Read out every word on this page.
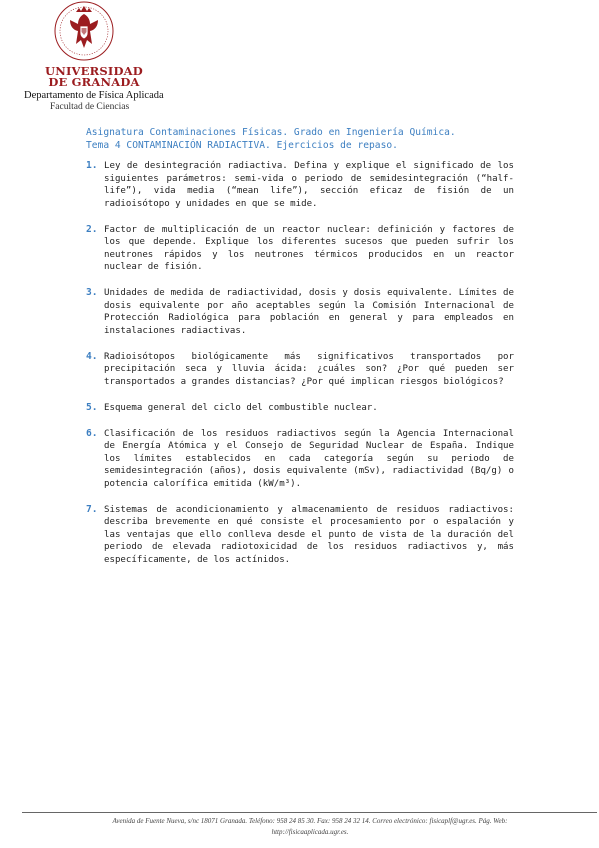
UNIVERSIDAD
DE GRANADA
Departamento de Física Aplicada
Facultad de Ciencias
Asignatura Contaminaciones Físicas. Grado en Ingeniería Química.
Tema 4 CONTAMINACIÓN RADIACTIVA. Ejercicios de repaso.
1. Ley de desintegración radiactiva. Defina y explique el significado de los siguientes parámetros: semi-vida o periodo de semidesintegración (“half-life”), vida media (“mean life”), sección eficaz de fisión de un radioisótopo y unidades en que se mide.
2. Factor de multiplicación de un reactor nuclear: definición y factores de los que depende. Explique los diferentes sucesos que pueden sufrir los neutrones rápidos y los neutrones térmicos producidos en un reactor nuclear de fisión.
3. Unidades de medida de radiactividad, dosis y dosis equivalente. Límites de dosis equivalente por año aceptables según la Comisión Internacional de Protección Radiológica para población en general y para empleados en instalaciones radiactivas.
4. Radioisótopos biológicamente más significativos transportados por precipitación seca y lluvia ácida: ¿cuáles son? ¿Por qué pueden ser transportados a grandes distancias? ¿Por qué implican riesgos biológicos?
5. Esquema general del ciclo del combustible nuclear.
6. Clasificación de los residuos radiactivos según la Agencia Internacional de Energía Atómica y el Consejo de Seguridad Nuclear de España. Indique los límites establecidos en cada categoría según su periodo de semidesintegración (años), dosis equivalente (mSv), radiactividad (Bq/g) o potencia calorífica emitida (kW/m³).
7. Sistemas de acondicionamiento y almacenamiento de residuos radiactivos: describa brevemente en qué consiste el procesamiento por o espalación y las ventajas que ello conlleva desde el punto de vista de la duración del periodo de elevada radiotoxicidad de los residuos radiactivos y, más específicamente, de los actínidos.
Avenida de Fuente Nueva, s/nc 18071 Granada. Teléfono: 958 24 85 30. Fax: 958 24 32 14. Correo electrónico: fisicaplf@ugr.es. Pág. Web:
http://fisicaaplicada.ugr.es.
